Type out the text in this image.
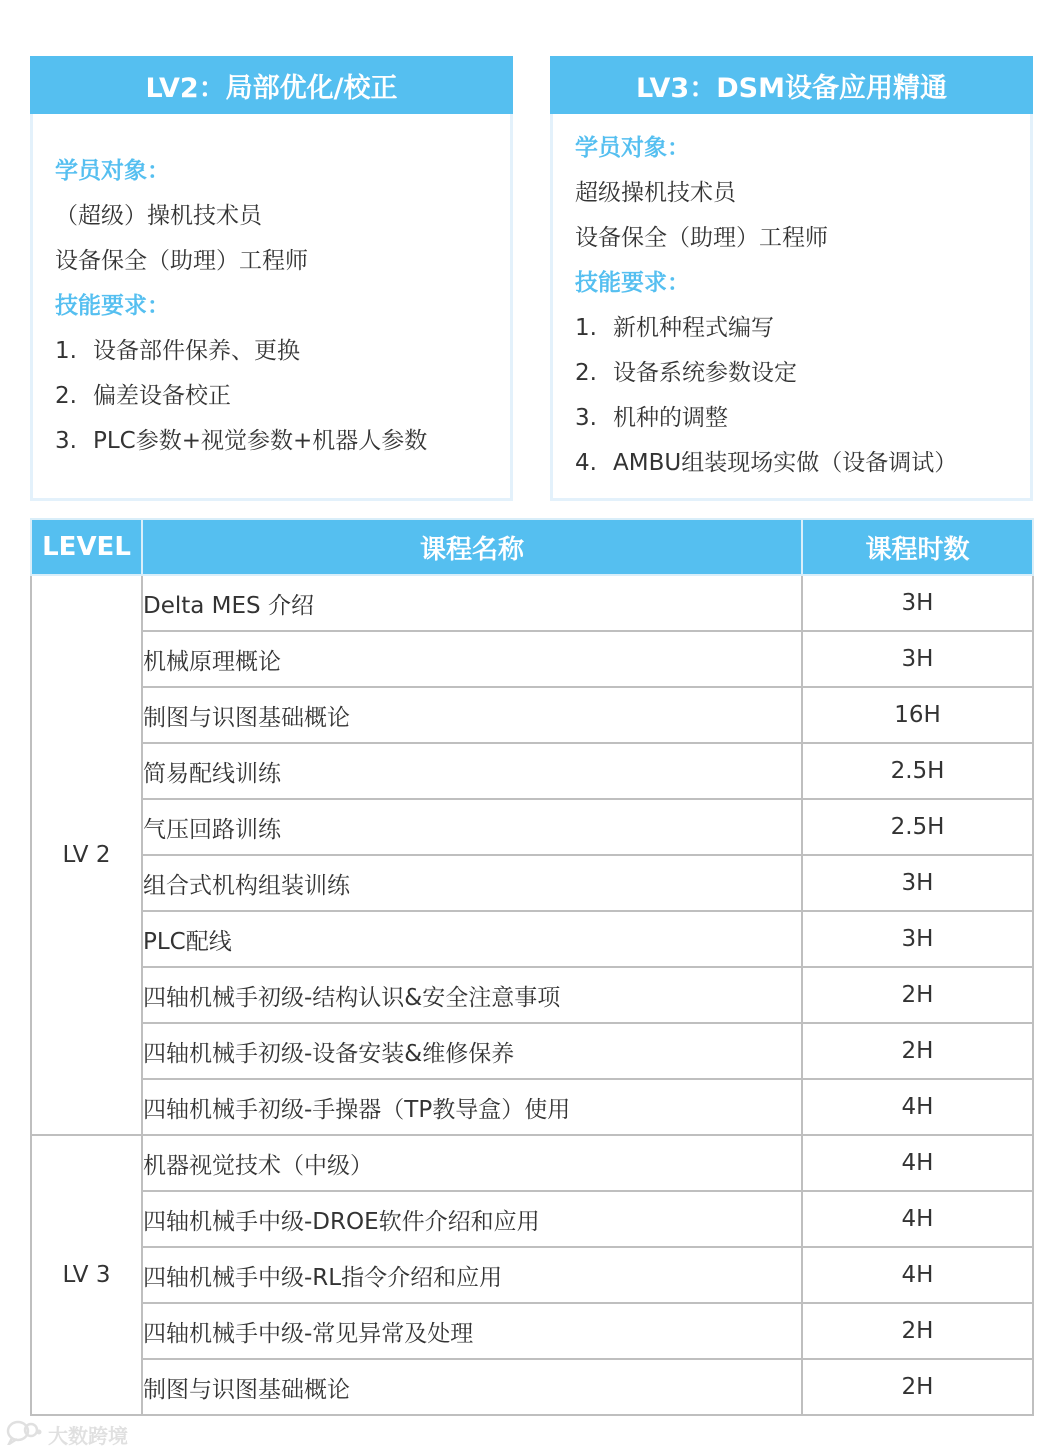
LV2：局部优化/校正
学员对象：
（超级）操机技术员
设备保全（助理）工程师
技能要求：
1. 设备部件保养、更换
2. 偏差设备校正
3. PLC参数+视觉参数+机器人参数
LV3：DSM设备应用精通
学员对象：
超级操机技术员
设备保全（助理）工程师
技能要求：
1. 新机种程式编写
2. 设备系统参数设定
3. 机种的调整
4. AMBU组装现场实做（设备调试）
LEVEL	课程名称	课程时数
LV 2	Delta MES 介绍	3H
	机械原理概论	3H
	制图与识图基础概论	16H
	简易配线训练	2.5H
	气压回路训练	2.5H
	组合式机构组装训练	3H
	PLC配线	3H
	四轴机械手初级-结构认识&安全注意事项	2H
	四轴机械手初级-设备安装&维修保养	2H
	四轴机械手初级-手操器（TP教导盒）使用	4H
LV 3	机器视觉技术（中级）	4H
	四轴机械手中级-DROE软件介绍和应用	4H
	四轴机械手中级-RL指令介绍和应用	4H
	四轴机械手中级-常见异常及处理	2H
	制图与识图基础概论	2H
大数跨境
